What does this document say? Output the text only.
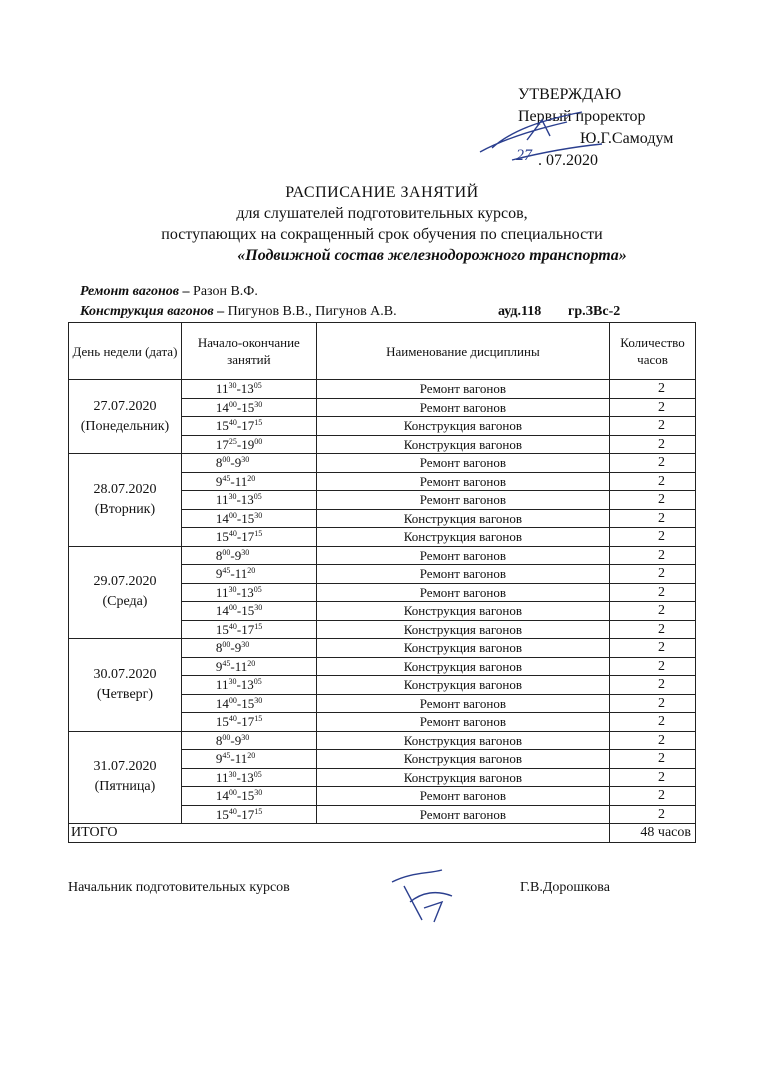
УТВЕРЖДАЮ
Первый проректор
Ю.Г.Самодум
. 07.2020
27
РАСПИСАНИЕ ЗАНЯТИЙ
для слушателей подготовительных курсов,
поступающих на сокращенный срок обучения по специальности
«Подвижной состав железнодорожного транспорта»
Ремонт вагонов – Разон В.Ф.
Конструкция вагонов – Пигунов В.В., Пигунов А.В.	ауд.118 гр.ЗВс-2
День недели (дата)	Начало-окончание занятий	Наименование дисциплины	Количество часов

27.07.2020
(Понедельник)	$11^{30}-13^{05}$	Ремонт вагонов	2
	$14^{00}-15^{30}$	Ремонт вагонов	2
	$15^{40}-17^{15}$	Конструкция вагонов	2
	$17^{25}-19^{00}$	Конструкция вагонов	2

28.07.2020
(Вторник)	$8^{00}-9^{30}$	Ремонт вагонов	2
	$9^{45}-11^{20}$	Ремонт вагонов	2
	$11^{30}-13^{05}$	Ремонт вагонов	2
	$14^{00}-15^{30}$	Конструкция вагонов	2
	$15^{40}-17^{15}$	Конструкция вагонов	2

29.07.2020
(Среда)	$8^{00}-9^{30}$	Ремонт вагонов	2
	$9^{45}-11^{20}$	Ремонт вагонов	2
	$11^{30}-13^{05}$	Ремонт вагонов	2
	$14^{00}-15^{30}$	Конструкция вагонов	2
	$15^{40}-17^{15}$	Конструкция вагонов	2

30.07.2020
(Четверг)	$8^{00}-9^{30}$	Конструкция вагонов	2
	$9^{45}-11^{20}$	Конструкция вагонов	2
	$11^{30}-13^{05}$	Конструкция вагонов	2
	$14^{00}-15^{30}$	Ремонт вагонов	2
	$15^{40}-17^{15}$	Ремонт вагонов	2

31.07.2020
(Пятница)	$8^{00}-9^{30}$	Конструкция вагонов	2
	$9^{45}-11^{20}$	Конструкция вагонов	2
	$11^{30}-13^{05}$	Конструкция вагонов	2
	$14^{00}-15^{30}$	Ремонт вагонов	2
	$15^{40}-17^{15}$	Ремонт вагонов	2
ИТОГО			48 часов
Начальник подготовительных курсов	Г.В.Дорошкова
